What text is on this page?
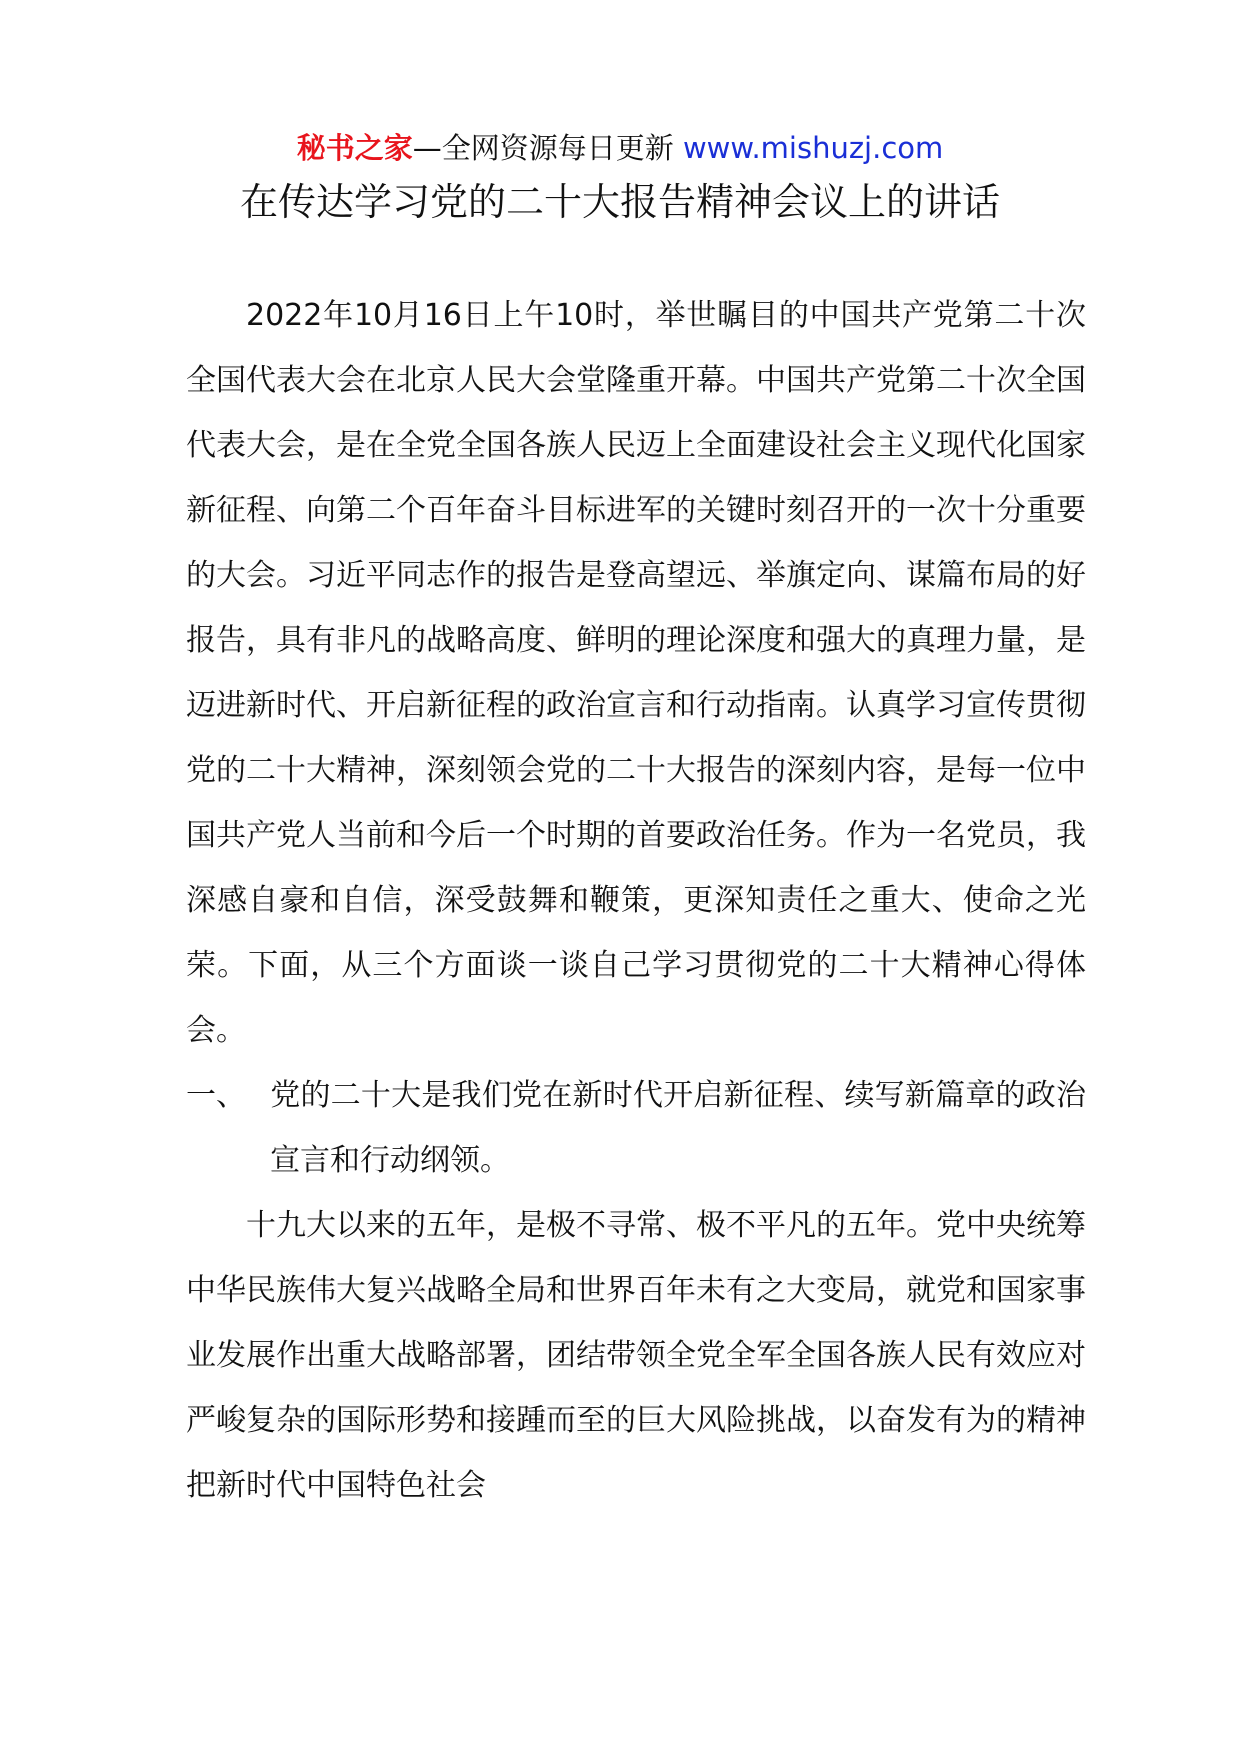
秘书之家—全网资源每日更新 www.mishuzj.com
在传达学习党的二十大报告精神会议上的讲话

2022年10月16日上午10时，举世瞩目的中国共产党第二十次全国代表大会在北京人民大会堂隆重开幕。中国共产党第二十次全国代表大会，是在全党全国各族人民迈上全面建设社会主义现代化国家新征程、向第二个百年奋斗目标进军的关键时刻召开的一次十分重要的大会。习近平同志作的报告是登高望远、举旗定向、谋篇布局的好报告，具有非凡的战略高度、鲜明的理论深度和强大的真理力量，是迈进新时代、开启新征程的政治宣言和行动指南。认真学习宣传贯彻党的二十大精神，深刻领会党的二十大报告的深刻内容，是每一位中国共产党人当前和今后一个时期的首要政治任务。作为一名党员，我深感自豪和自信，深受鼓舞和鞭策，更深知责任之重大、使命之光荣。下面，从三个方面谈一谈自己学习贯彻党的二十大精神心得体会。

一、 党的二十大是我们党在新时代开启新征程、续写新篇章的政治宣言和行动纲领。

十九大以来的五年，是极不寻常、极不平凡的五年。党中央统筹中华民族伟大复兴战略全局和世界百年未有之大变局，就党和国家事业发展作出重大战略部署，团结带领全党全军全国各族人民有效应对严峻复杂的国际形势和接踵而至的巨大风险挑战，以奋发有为的精神把新时代中国特色社会
